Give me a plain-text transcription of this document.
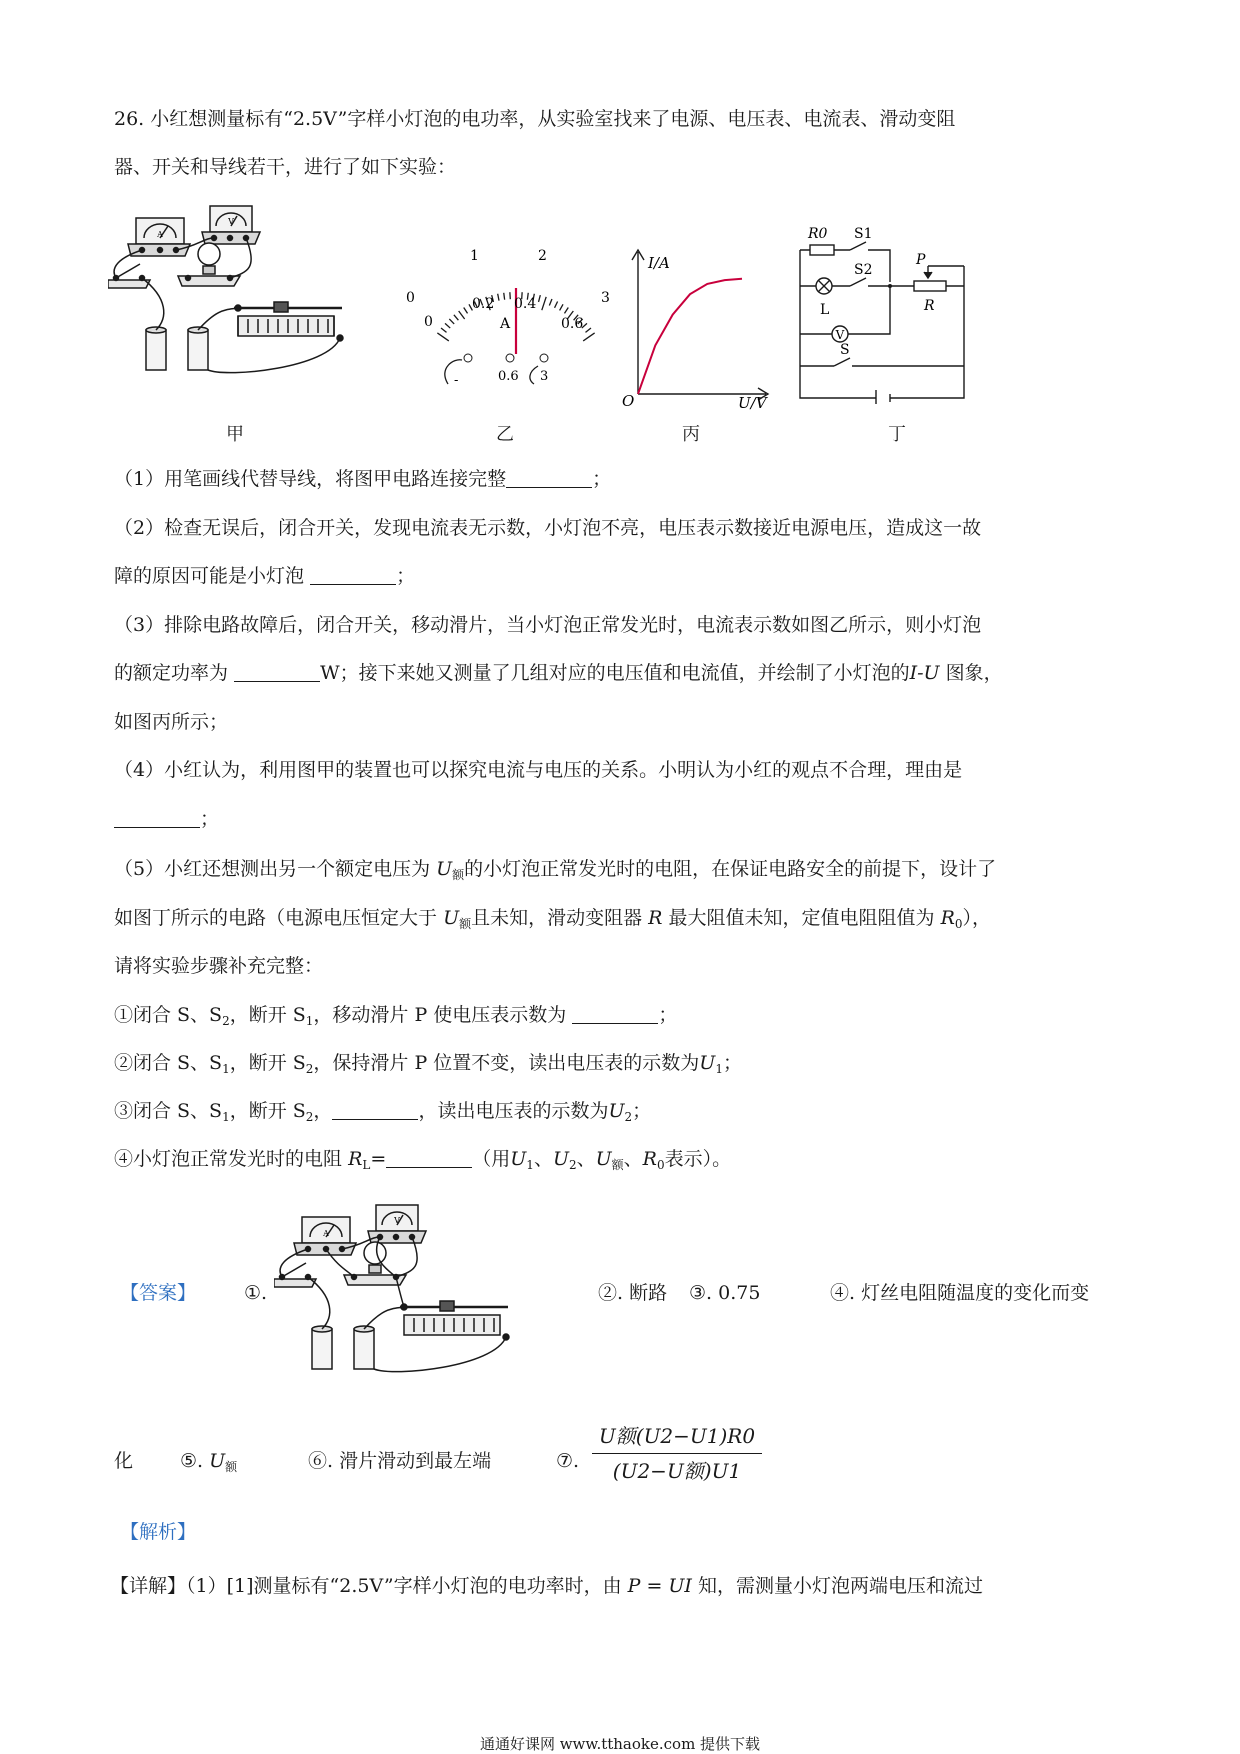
26. 小红想测量标有“2.5V”字样小灯泡的电功率，从实验室找来了电源、电压表、电流表、滑动变阻
器、开关和导线若干，进行了如下实验：
A
V
甲
0
1	2
3
0
0.2 0.4
0.6
A
-	0.6 3
乙
I/A
O	U/V
丙
R0 S1
S2
L
V
P
R
S
丁
（1）用笔画线代替导线，将图甲电路连接完整	；
（2）检查无误后，闭合开关，发现电流表无示数，小灯泡不亮，电压表示数接近电源电压，造成这一故
障的原因可能是小灯泡	；
（3）排除电路故障后，闭合开关，移动滑片，当小灯泡正常发光时，电流表示数如图乙所示，则小灯泡
的额定功率为	W；接下来她又测量了几组对应的电压值和电流值，并绘制了小灯泡的I-U 图象，
如图丙所示；
（4）小红认为，利用图甲的装置也可以探究电流与电压的关系。小明认为小红的观点不合理，理由是
；
（5）小红还想测出另一个额定电压为 $U_额$的小灯泡正常发光时的电阻，在保证电路安全的前提下，设计了
如图丁所示的电路（电源电压恒定大于 $U_额$且未知，滑动变阻器 R 最大阻值未知，定值电阻阻值为 $R_0$），
请将实验步骤补充完整：
①闭合 S、$S_2$，断开 $S_1$，移动滑片 P 使电压表示数为	；
②闭合 S、$S_1$，断开 $S_2$，保持滑片 P 位置不变，读出电压表的示数为$U_1$；
③闭合 S、$S_1$，断开 $S_2$，	，读出电压表的示数为$U_2$；
④小灯泡正常发光时的电阻 $R_L=$	（用$U_1$、$U_2$、$U_额$、$R_0$表示）。
【答案】	①.
A
V
②. 断路 ③. 0.75	④. 灯丝电阻随温度的变化而变
化 ⑤. $U_额$	⑥. 滑片滑动到最左端	⑦.
U额(U2−U1)R0
(U2−U额)U1
【解析】
【详解】（1）[1]测量标有“2.5V”字样小灯泡的电功率时，由 P = UI 知，需测量小灯泡两端电压和流过
通通好课网 www.tthaoke.com 提供下载
